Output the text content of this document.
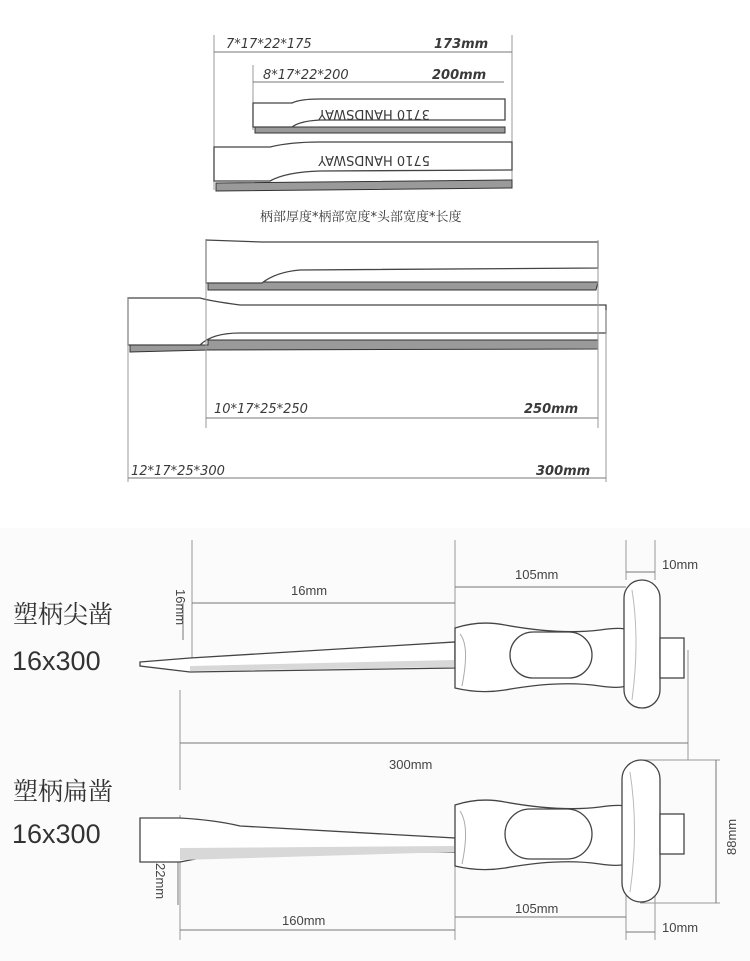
3710 HANDSWAY
5710 HANDSWAY
7*17*22*175	173mm
8*17*22*200	200mm
柄部厚度*柄部宽度*头部宽度*长度
10*17*25*250	250mm
12*17*25*300	300mm
塑柄尖凿
16x300
16mm
105mm
10mm
16mm
300mm
塑柄扁凿
16x300
160mm
105mm
10mm
22mm
88mm
